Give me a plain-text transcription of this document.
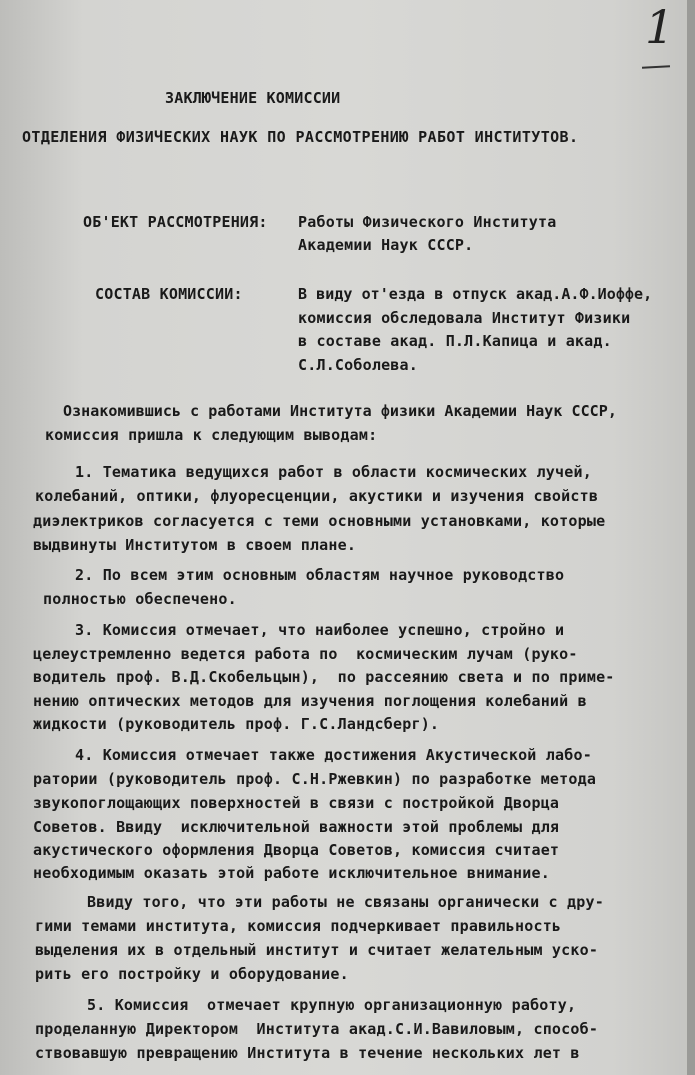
1
ЗАКЛЮЧЕНИЕ КОМИССИИ
ОТДЕЛЕНИЯ ФИЗИЧЕСКИХ НАУК ПО РАССМОТРЕНИЮ РАБОТ ИНСТИТУТОВ.
ОБ'ЕКТ РАССМОТРЕНИЯ: Работы Физического Института
Академии Наук СССР.
СОСТАВ КОМИССИИ:	В виду от'езда в отпуск акад.А.Ф.Иоффе,
комиссия обследовала Институт Физики
в составе акад. П.Л.Капица и акад.
С.Л.Соболева.
Ознакомившись с работами Института физики Академии Наук СССР,
комиссия пришла к следующим выводам:
1. Тематика ведущихся работ в области космических лучей,
колебаний, оптики, флуоресценции, акустики и изучения свойств
диэлектриков согласуется с теми основными установками, которые
выдвинуты Институтом в своем плане.
2. По всем этим основным областям научное руководство
полностью обеспечено.
3. Комиссия отмечает, что наиболее успешно, стройно и
целеустремленно ведется работа по  космическим лучам (руко-
водитель проф. В.Д.Скобельцын),  по рассеянию света и по приме-
нению оптических методов для изучения поглощения колебаний в
жидкости (руководитель проф. Г.С.Ландсберг).
4. Комиссия отмечает также достижения Акустической лабо-
ратории (руководитель проф. С.Н.Ржевкин) по разработке метода
звукопоглощающих поверхностей в связи с постройкой Дворца
Советов. Ввиду  исключительной важности этой проблемы для
акустического оформления Дворца Советов, комиссия считает
необходимым оказать этой работе исключительное внимание.
Ввиду того, что эти работы не связаны органически с дру-
гими темами института, комиссия подчеркивает правильность
выделения их в отдельный институт и считает желательным уско-
рить его постройку и оборудование.
5. Комиссия  отмечает крупную организационную работу,
проделанную Директором  Института акад.С.И.Вавиловым, способ-
ствовавшую превращению Института в течение нескольких лет в
